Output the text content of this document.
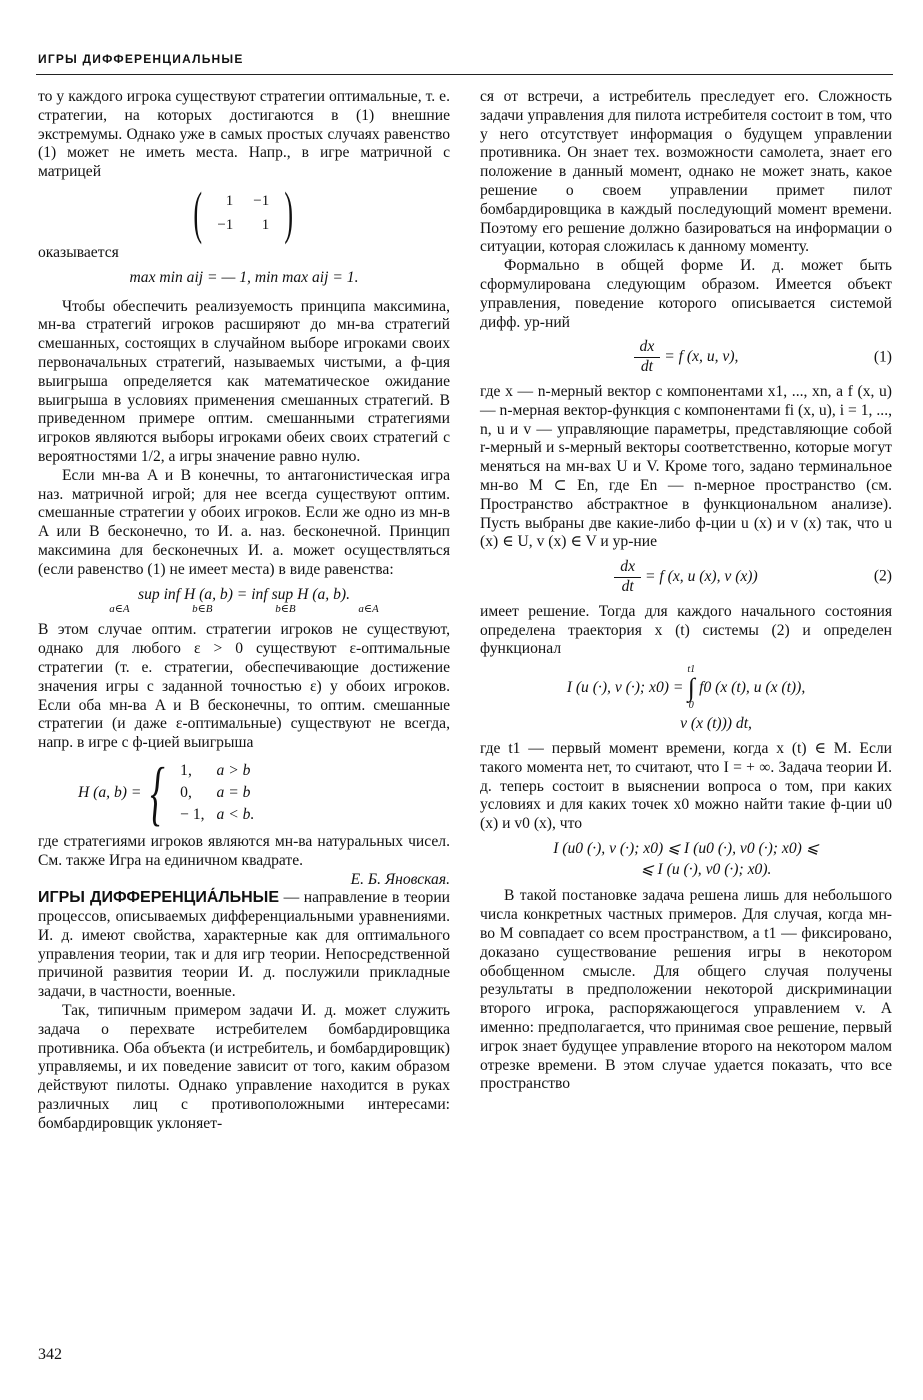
ИГРЫ ДИФФЕРЕНЦИАЛЬНЫЕ

то у каждого игрока существуют стратегии оптимальные, т. е. стратегии, на которых достигаются в (1) внешние экстремумы. Однако уже в самых простых случаях равенство (1) может не иметь места. Напр., в игре матричной с матрицей

( 1	−1
−1	1 )

оказывается

max min aij = — 1, min max aij = 1.

Чтобы обеспечить реализуемость принципа максимина, мн-ва стратегий игроков расширяют до мн-ва стратегий смешанных, состоящих в случайном выборе игроками своих первоначальных стратегий, называемых чистыми, а ф-ция выигрыша определяется как математическое ожидание выигрыша в условиях применения смешанных стратегий. В приведенном примере оптим. смешанными стратегиями игроков являются выборы игроками обеих своих стратегий с вероятностями 1/2, а игры значение равно нулю.

Если мн-ва A и B конечны, то антагонистическая игра наз. матричной игрой; для нее всегда существуют оптим. смешанные стратегии у обоих игроков. Если же одно из мн-в A или B бесконечно, то И. а. наз. бесконечной. Принцип максимина для бесконечных И. а. может осуществляться (если равенство (1) не имеет места) в виде равенства:

sup inf H (a, b) = inf sup H (a, b).
a∈A b∈B	b∈B a∈A

В этом случае оптим. стратегии игроков не существуют, однако для любого ε > 0 существуют ε-оптимальные стратегии (т. е. стратегии, обеспечивающие достижение значения игры с заданной точностью ε) у обоих игроков. Если оба мн-ва A и B бесконечны, то оптим. смешанные стратегии (и даже ε-оптимальные) существуют не всегда, напр. в игре с ф-цией выигрыша

H (a, b) = { 1,	a > b
0,	a = b
− 1,	a < b.

где стратегиями игроков являются мн-ва натуральных чисел. См. также Игра на единичном квадрате.

Е. Б. Яновская.

ИГРЫ ДИФФЕРЕНЦИА́ЛЬНЫЕ — направление в теории процессов, описываемых дифференциальными уравнениями. И. д. имеют свойства, характерные как для оптимального управления теории, так и для игр теории. Непосредственной причиной развития теории И. д. послужили прикладные задачи, в частности, военные.

Так, типичным примером задачи И. д. может служить задача о перехвате истребителем бомбардировщика противника. Оба объекта (и истребитель, и бомбардировщик) управляемы, и их поведение зависит от того, каким образом действуют пилоты. Однако управление находится в руках различных лиц с противоположными интересами: бомбардировщик уклоняет-

ся от встречи, а истребитель преследует его. Сложность задачи управления для пилота истребителя состоит в том, что у него отсутствует информация о будущем управлении противника. Он знает тех. возможности самолета, знает его положение в данный момент, однако не может знать, какое решение о своем управлении примет пилот бомбардировщика в каждый последующий момент времени. Поэтому его решение должно базироваться на информации о ситуации, которая сложилась к данному моменту.

Формально в общей форме И. д. может быть сформулирована следующим образом. Имеется объект управления, поведение которого описывается системой дифф. ур-ний

$\frac{dx}{dt} = f$ (x, u, v),	(1)

где x — n-мерный вектор с компонентами x1, ..., xn, а f (x, u) — n-мерная вектор-функция с компонентами fi (x, u), i = 1, ..., n, u и v — управляющие параметры, представляющие собой r-мерный и s-мерный векторы соответственно, которые могут меняться на мн-вах U и V. Кроме того, задано терминальное мн-во M ⊂ En, где En — n-мерное пространство (см. Пространство абстрактное в функциональном анализе). Пусть выбраны две какие-либо ф-ции u (x) и v (x) так, что u (x) ∈ U, v (x) ∈ V и ур-ние

$\frac{dx}{dt} = f$ (x, u (x), v (x))	(2)

имеет решение. Тогда для каждого начального состояния определена траектория x (t) системы (2) и определен функционал

I (u (·), v (·); x0) =
t1
∫
0
f0 (x (t), u (x (t)),
v (x (t))) dt,

где t1 — первый момент времени, когда x (t) ∈ M. Если такого момента нет, то считают, что I = + ∞. Задача теории И. д. теперь состоит в выяснении вопроса о том, при каких условиях и для каких точек x0 можно найти такие ф-ции u0 (x) и v0 (x), что

I (u0 (·), v (·); x0) ⩽ I (u0 (·), v0 (·); x0) ⩽
⩽ I (u (·), v0 (·); x0).

В такой постановке задача решена лишь для небольшого числа конкретных частных примеров. Для случая, когда мн-во M совпадает со всем пространством, а t1 — фиксировано, доказано существование решения игры в некотором обобщенном смысле. Для общего случая получены результаты в предположении некоторой дискриминации второго игрока, распоряжающегося управлением v. А именно: предполагается, что принимая свое решение, первый игрок знает будущее управление второго на некотором малом отрезке времени. В этом случае удается показать, что все пространство

342
